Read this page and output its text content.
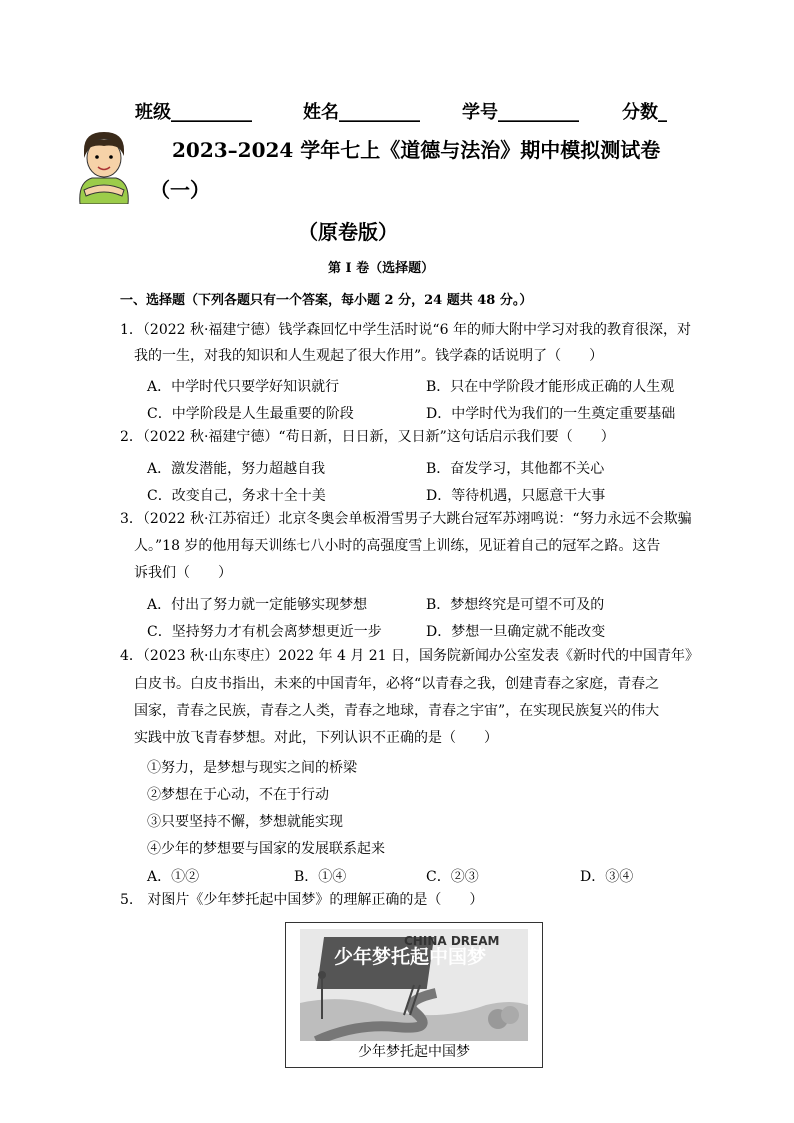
班级_________	姓名_________ 学号_________ 分数_
2023–2024 学年七上《道德与法治》期中模拟测试卷
（一）
（原卷版）
第 I 卷（选择题）
一、选择题（下列各题只有一个答案，每小题 2 分，24 题共 48 分。）
1．（2022 秋·福建宁德）钱学森回忆中学生活时说“6 年的师大附中学习对我的教育很深，对
我的一生，对我的知识和人生观起了很大作用”。钱学森的话说明了（　　）
A．中学时代只要学好知识就行	B．只在中学阶段才能形成正确的人生观
C．中学阶段是人生最重要的阶段	D．中学时代为我们的一生奠定重要基础
2．（2022 秋·福建宁德）“苟日新，日日新，又日新”这句话启示我们要（　　）
A．激发潜能，努力超越自我	B．奋发学习，其他都不关心
C．改变自己，务求十全十美	D．等待机遇，只愿意干大事
3．（2022 秋·江苏宿迁）北京冬奥会单板滑雪男子大跳台冠军苏翊鸣说：“努力永远不会欺骗
人。”18 岁的他用每天训练七八小时的高强度雪上训练，见证着自己的冠军之路。这告
诉我们（　　）
A．付出了努力就一定能够实现梦想	B．梦想终究是可望不可及的
C．坚持努力才有机会离梦想更近一步	D．梦想一旦确定就不能改变
4．（2023 秋·山东枣庄）2022 年 4 月 21 日，国务院新闻办公室发表《新时代的中国青年》
白皮书。白皮书指出，未来的中国青年，必将“以青春之我，创建青春之家庭，青春之
国家，青春之民族，青春之人类，青春之地球，青春之宇宙”，在实现民族复兴的伟大
实践中放飞青春梦想。对此，下列认识不正确的是（　　）
①努力，是梦想与现实之间的桥梁
②梦想在于心动，不在于行动
③只要坚持不懈，梦想就能实现
④少年的梦想要与国家的发展联系起来
A．①②	B．①④	C．②③	D．③④
5.　对图片《少年梦托起中国梦》的理解正确的是（　　）
少年梦托起中国梦
CHINA DREAM
少年梦托起中国梦
